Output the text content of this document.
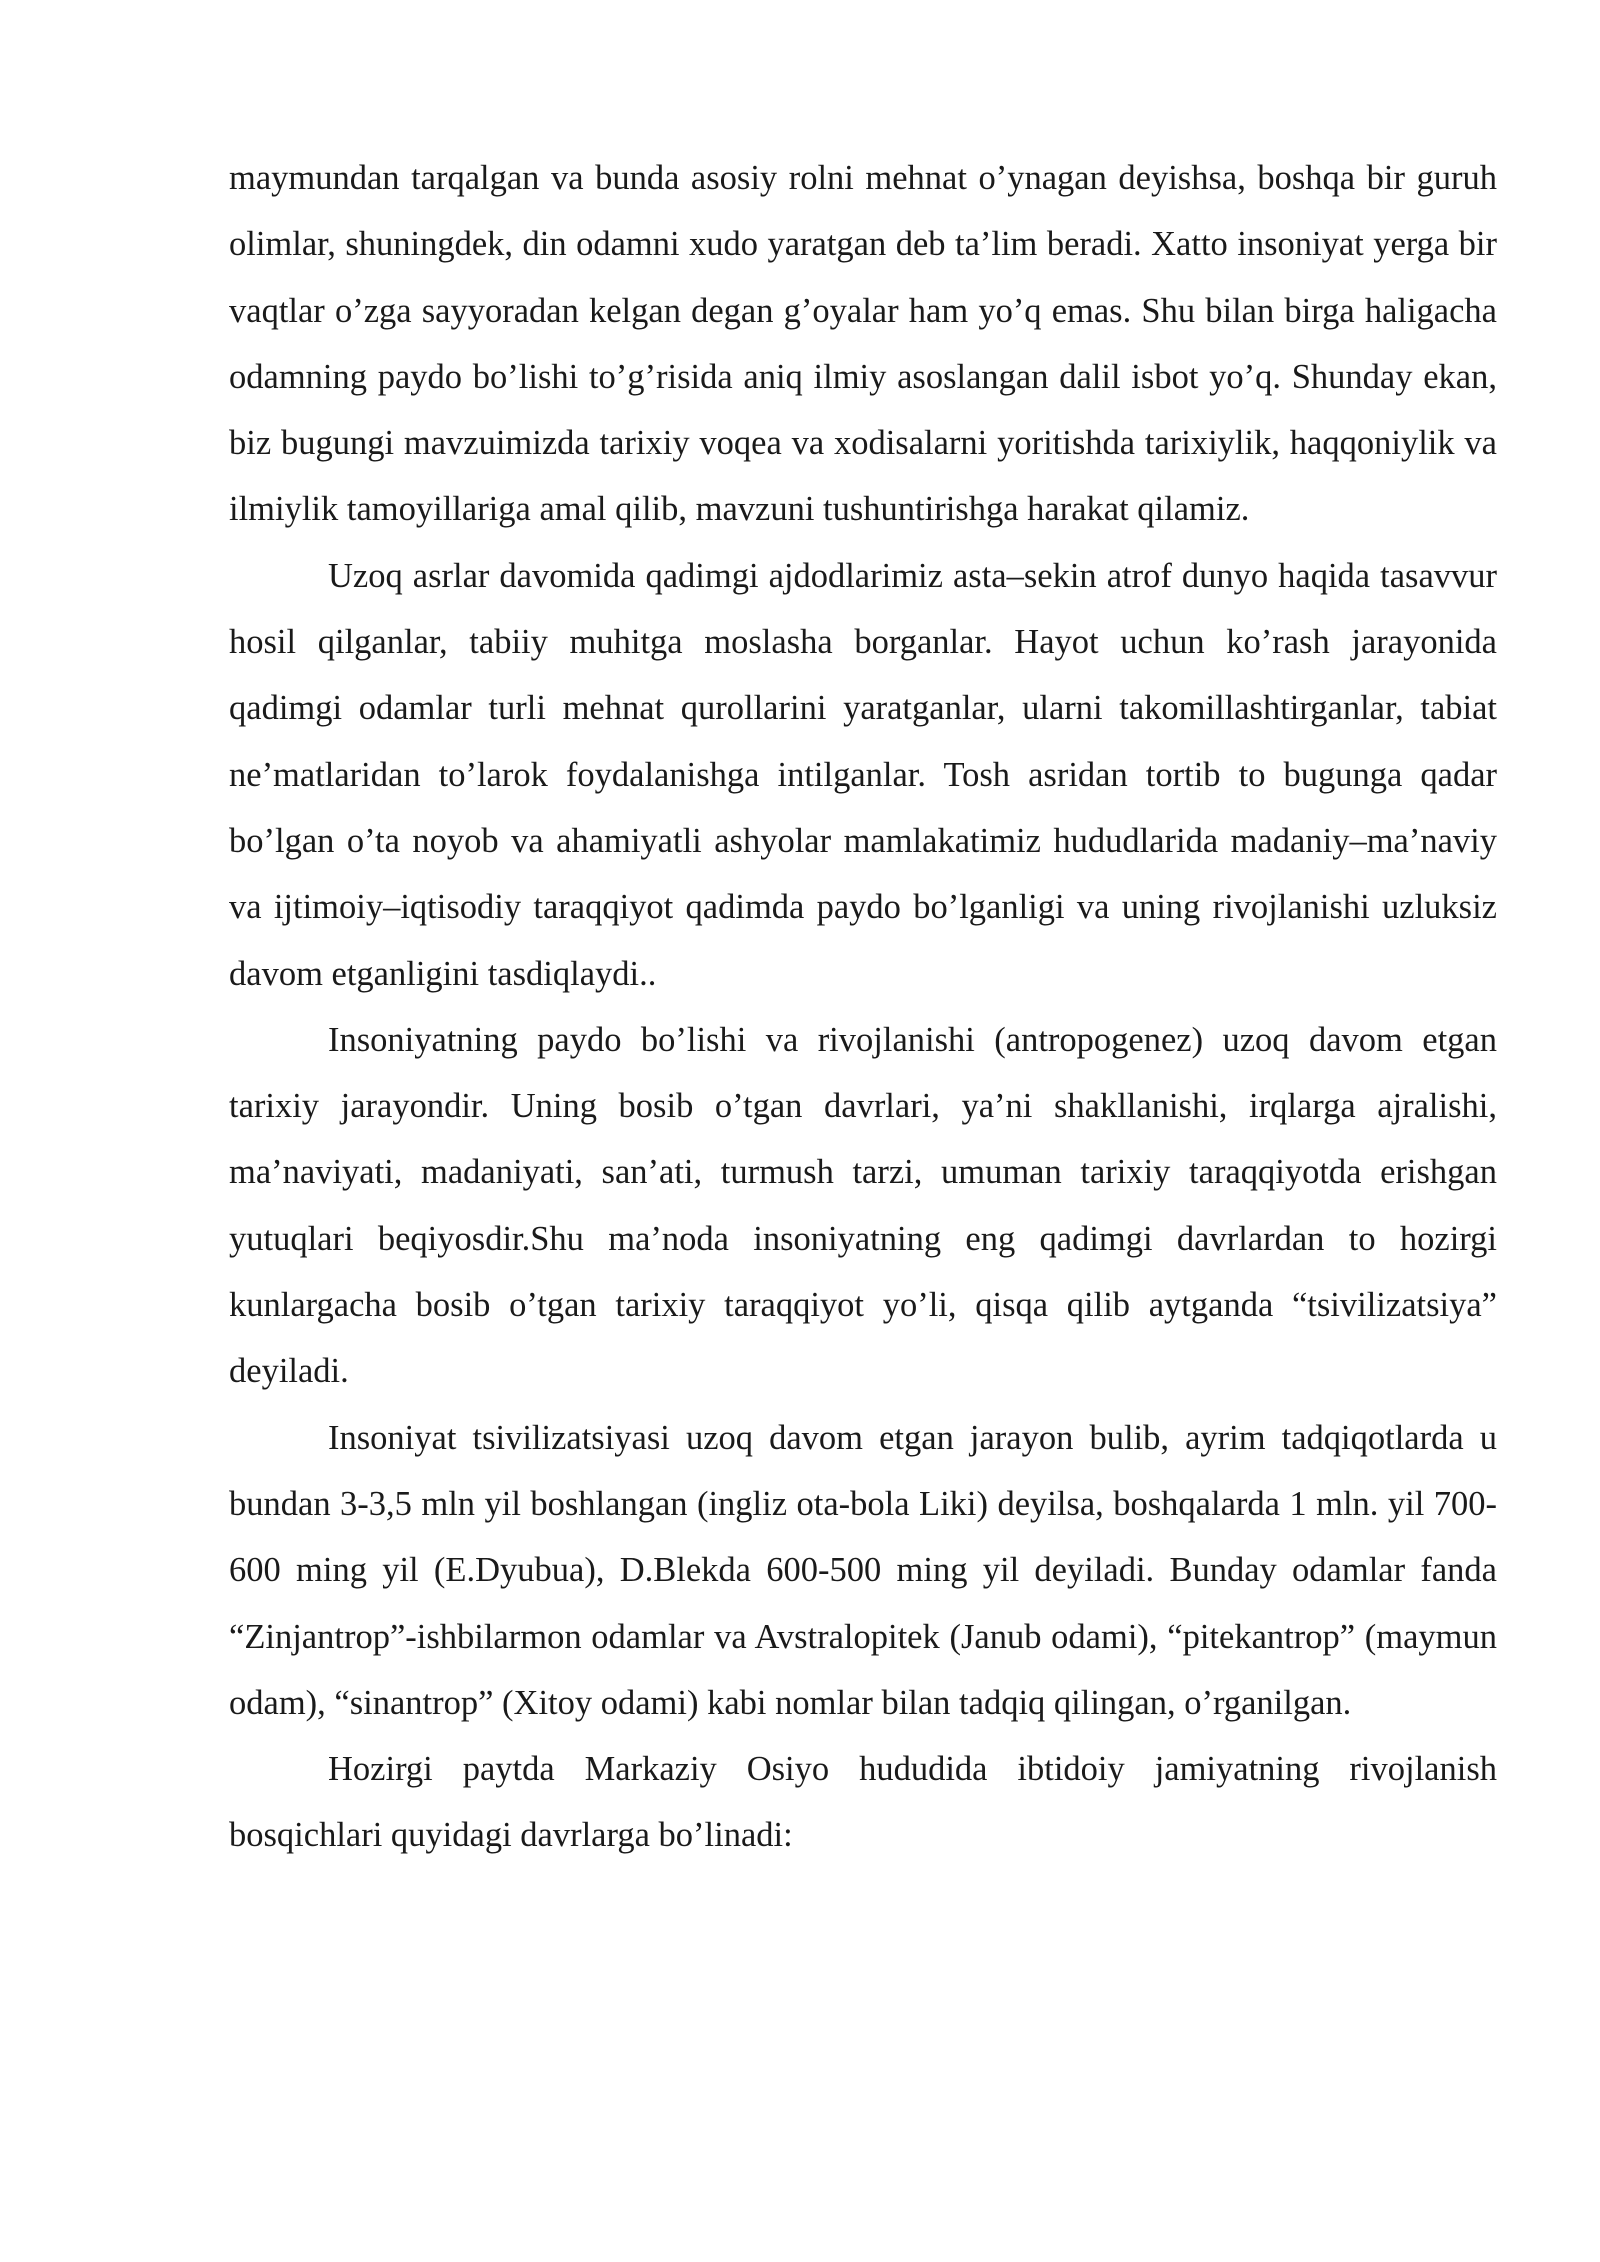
maymundan tarqalgan va bunda asosiy rolni mehnat o’ynagan deyishsa, boshqa bir guruh olimlar, shuningdek, din odamni xudo yaratgan deb ta’lim beradi. Xatto insoniyat yerga bir vaqtlar o’zga sayyoradan kelgan degan g’oyalar ham yo’q emas. Shu bilan birga haligacha odamning paydo bo’lishi to’g’risida aniq ilmiy asoslangan dalil isbot yo’q. Shunday ekan, biz bugungi mavzuimizda tarixiy voqea va xodisalarni yoritishda tarixiylik, haqqoniylik va ilmiylik tamoyillariga amal qilib, mavzuni tushuntirishga harakat qilamiz.

Uzoq asrlar davomida qadimgi ajdodlarimiz asta–sekin atrof dunyo haqida tasavvur hosil qilganlar, tabiiy muhitga moslasha borganlar. Hayot uchun ko’rash jarayonida qadimgi odamlar turli mehnat qurollarini yaratganlar, ularni takomillashtirganlar, tabiat ne’matlaridan to’larok foydalanishga intilganlar. Tosh asridan tortib to bugunga qadar bo’lgan o’ta noyob va ahamiyatli ashyolar mamlakatimiz hududlarida madaniy–ma’naviy va ijtimoiy–iqtisodiy taraqqiyot qadimda paydo bo’lganligi va uning rivojlanishi uzluksiz davom etganligini tasdiqlaydi..

Insoniyatning paydo bo’lishi va rivojlanishi (antropogenez) uzoq davom etgan tarixiy jarayondir. Uning bosib o’tgan davrlari, ya’ni shakllanishi, irqlarga ajralishi, ma’naviyati, madaniyati, san’ati, turmush tarzi, umuman tarixiy taraqqiyotda erishgan yutuqlari beqiyosdir.Shu ma’noda insoniyatning eng qadimgi davrlardan to hozirgi kunlargacha bosib o’tgan tarixiy taraqqiyot yo’li, qisqa qilib aytganda “tsivilizatsiya” deyiladi.

Insoniyat tsivilizatsiyasi uzoq davom etgan jarayon bulib, ayrim tadqiqotlarda u bundan 3-3,5 mln yil boshlangan (ingliz ota-bola Liki) deyilsa, boshqalarda 1 mln. yil 700-600 ming yil (E.Dyubua), D.Blekda 600-500 ming yil deyiladi. Bunday odamlar fanda “Zinjantrop”-ishbilarmon odamlar va Avstralopitek (Janub odami), “pitekantrop” (maymun odam), “sinantrop” (Xitoy odami) kabi nomlar bilan tadqiq qilingan, o’rganilgan.

Hozirgi paytda Markaziy Osiyo hududida ibtidoiy jamiyatning rivojlanish bosqichlari quyidagi davrlarga bo’linadi:
